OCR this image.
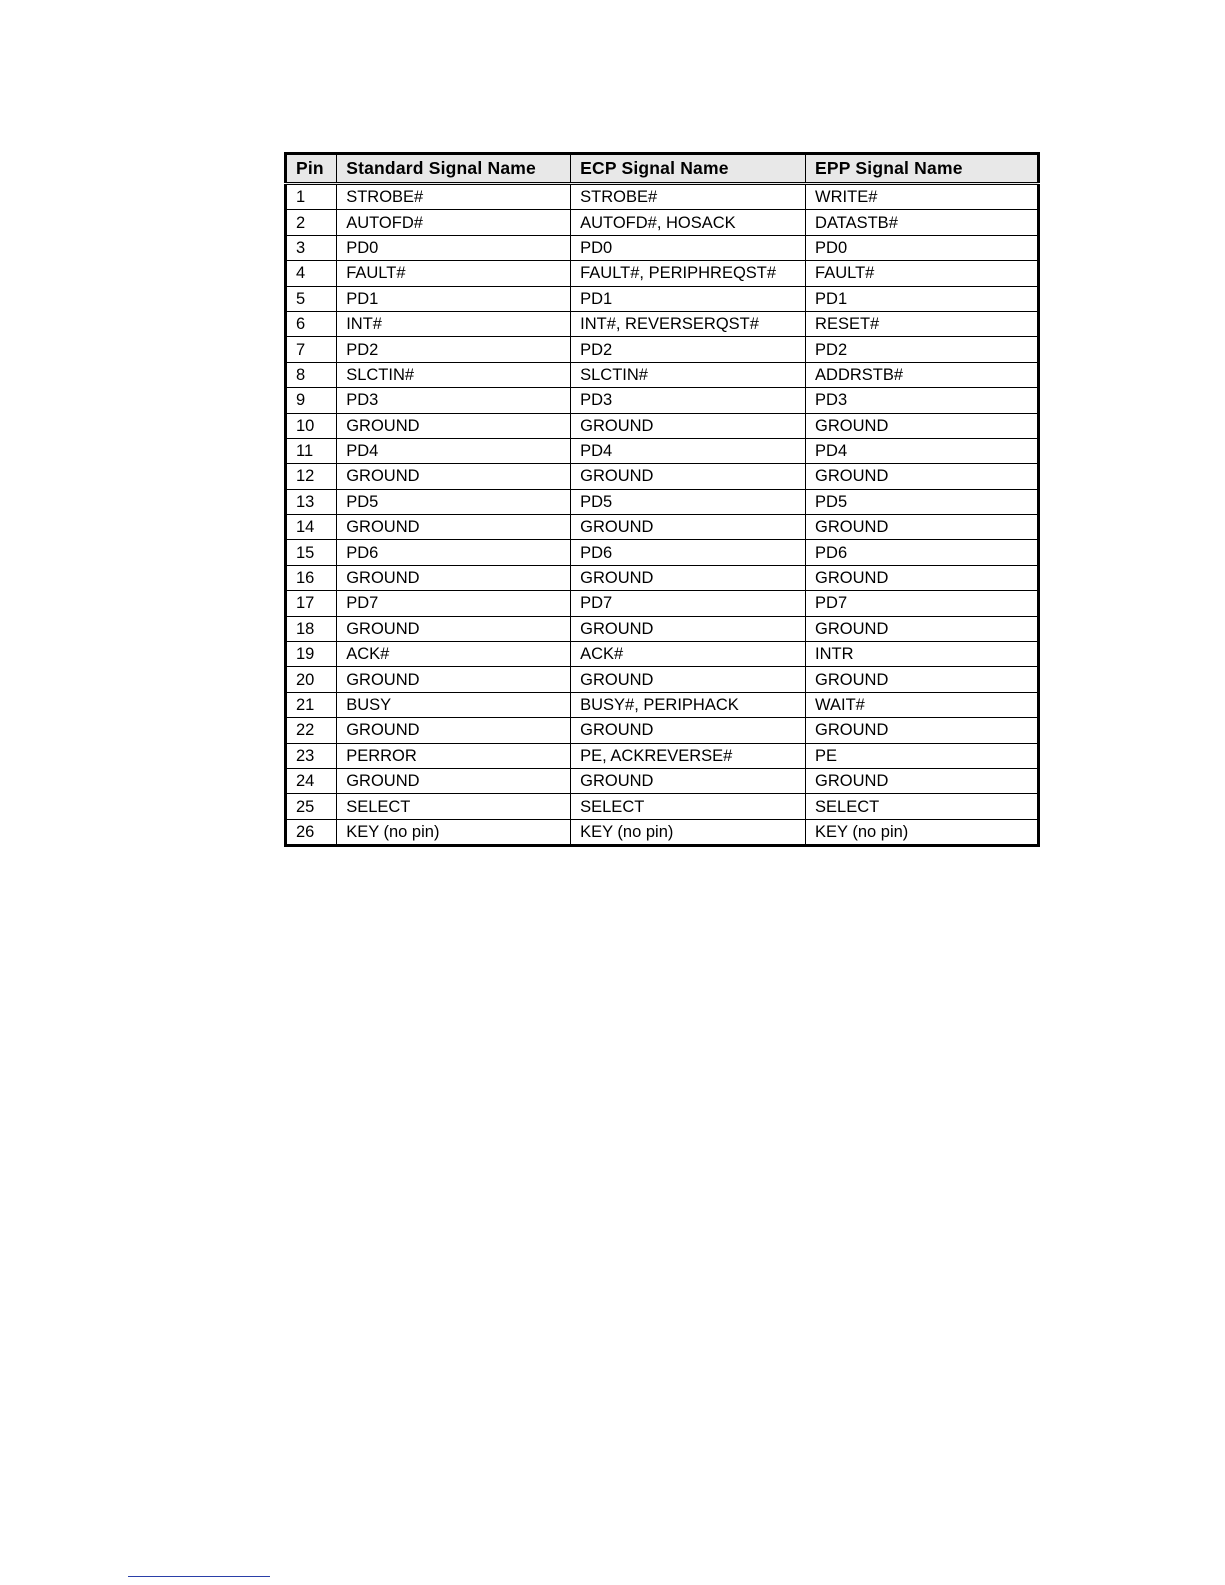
Pin	Standard Signal Name	ECP Signal Name	EPP Signal Name
1	STROBE#	STROBE#	WRITE#
2	AUTOFD#	AUTOFD#, HOSACK	DATASTB#
3	PD0	PD0	PD0
4	FAULT#	FAULT#, PERIPHREQST#	FAULT#
5	PD1	PD1	PD1
6	INT#	INT#, REVERSERQST#	RESET#
7	PD2	PD2	PD2
8	SLCTIN#	SLCTIN#	ADDRSTB#
9	PD3	PD3	PD3
10	GROUND	GROUND	GROUND
11	PD4	PD4	PD4
12	GROUND	GROUND	GROUND
13	PD5	PD5	PD5
14	GROUND	GROUND	GROUND
15	PD6	PD6	PD6
16	GROUND	GROUND	GROUND
17	PD7	PD7	PD7
18	GROUND	GROUND	GROUND
19	ACK#	ACK#	INTR
20	GROUND	GROUND	GROUND
21	BUSY	BUSY#, PERIPHACK	WAIT#
22	GROUND	GROUND	GROUND
23	PERROR	PE, ACKREVERSE#	PE
24	GROUND	GROUND	GROUND
25	SELECT	SELECT	SELECT
26	KEY (no pin)	KEY (no pin)	KEY (no pin)
